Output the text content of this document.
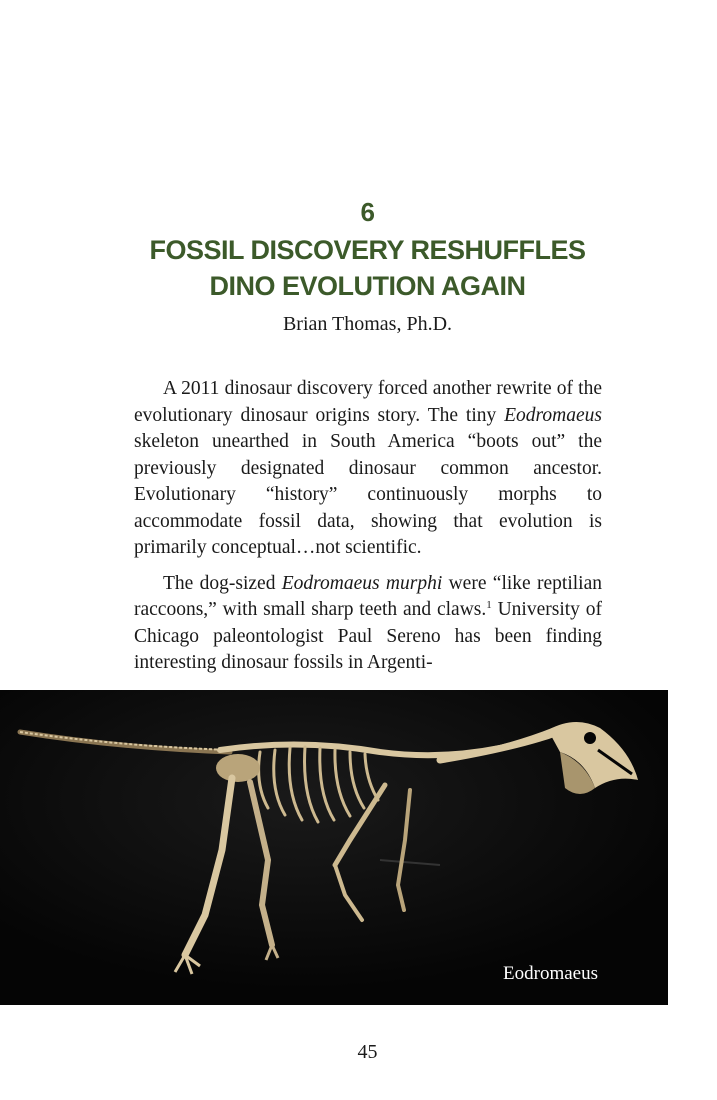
6
FOSSIL DISCOVERY RESHUFFLES
DINO EVOLUTION AGAIN
Brian Thomas, Ph.D.

A 2011 dinosaur discovery forced another rewrite of the evolutionary dinosaur origins story. The tiny Eodromaeus skeleton unearthed in South America “boots out” the previously designated dinosaur common ancestor. Evolutionary “history” continuously morphs to accommodate fossil data, showing that evolution is primarily conceptual…not scientific.

The dog-sized Eodromaeus murphi were “like reptilian raccoons,” with small sharp teeth and claws.$^1$ University of Chicago paleontologist Paul Sereno has been finding interesting dinosaur fossils in Argenti-

Eodromaeus
45
